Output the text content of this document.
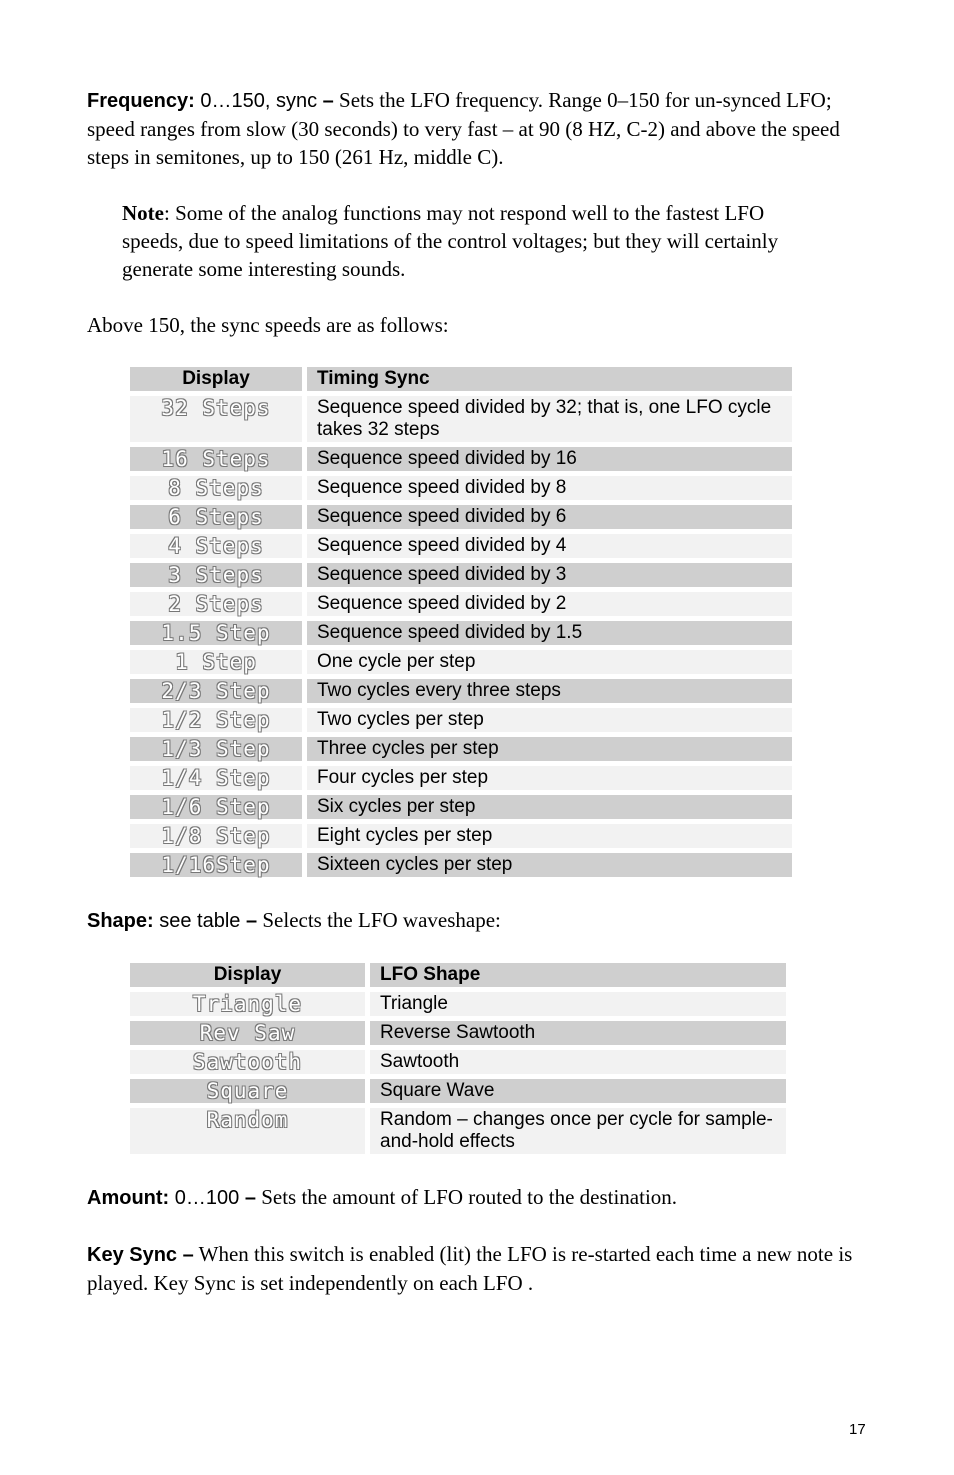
Frequency: 0…150, sync – Sets the LFO frequency. Range 0–150 for un-synced LFO; speed ranges from slow (30 seconds) to very fast – at 90 (8 HZ, C-2) and above the speed steps in semitones, up to 150 (261 Hz, middle C).

Note: Some of the analog functions may not respond well to the fastest LFO speeds, due to speed limitations of the control voltages; but they will certainly generate some interesting sounds.

Above 150, the sync speeds are as follows:

Display	Timing Sync
32 Steps	Sequence speed divided by 32; that is, one LFO cycle takes 32 steps
16 Steps	Sequence speed divided by 16
8 Steps	Sequence speed divided by 8
6 Steps	Sequence speed divided by 6
4 Steps	Sequence speed divided by 4
3 Steps	Sequence speed divided by 3
2 Steps	Sequence speed divided by 2
1.5 Step	Sequence speed divided by 1.5
1 Step	One cycle per step
2/3 Step	Two cycles every three steps
1/2 Step	Two cycles per step
1/3 Step	Three cycles per step
1/4 Step	Four cycles per step
1/6 Step	Six cycles per step
1/8 Step	Eight cycles per step
1/16Step	Sixteen cycles per step

Shape: see table – Selects the LFO waveshape:

Display	LFO Shape
Triangle	Triangle
Rev Saw	Reverse Sawtooth
Sawtooth	Sawtooth
Square	Square Wave
Random	Random – changes once per cycle for sample-and-hold effects

Amount: 0…100 – Sets the amount of LFO routed to the destination.

Key Sync – When this switch is enabled (lit) the LFO is re-started each time a new note is played. Key Sync is set independently on each LFO .

17
